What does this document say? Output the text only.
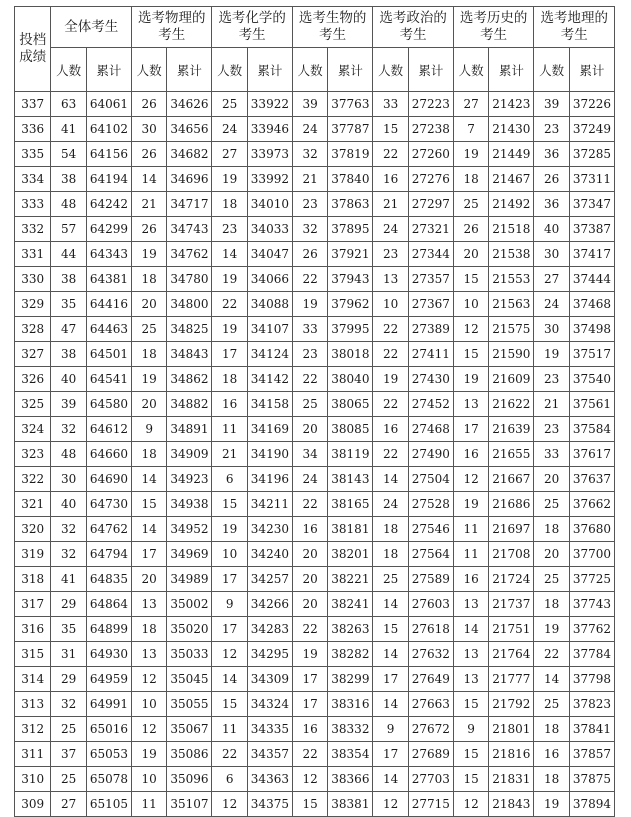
投档成绩	全体考生		选考物理的考生		选考化学的考生		选考生物的考生		选考政治的考生		选考历史的 考生		选考地理的考生	
	人数	累计	人数	累计	人数	累计	人数	累计	人数	累计	人数	累计	人数	累计
337	63	64061	26	34626	25	33922	39	37763	33	27223	27	21423	39	37226
336	41	64102	30	34656	24	33946	24	37787	15	27238	7	21430	23	37249
335	54	64156	26	34682	27	33973	32	37819	22	27260	19	21449	36	37285
334	38	64194	14	34696	19	33992	21	37840	16	27276	18	21467	26	37311
333	48	64242	21	34717	18	34010	23	37863	21	27297	25	21492	36	37347
332	57	64299	26	34743	23	34033	32	37895	24	27321	26	21518	40	37387
331	44	64343	19	34762	14	34047	26	37921	23	27344	20	21538	30	37417
330	38	64381	18	34780	19	34066	22	37943	13	27357	15	21553	27	37444
329	35	64416	20	34800	22	34088	19	37962	10	27367	10	21563	24	37468
328	47	64463	25	34825	19	34107	33	37995	22	27389	12	21575	30	37498
327	38	64501	18	34843	17	34124	23	38018	22	27411	15	21590	19	37517
326	40	64541	19	34862	18	34142	22	38040	19	27430	19	21609	23	37540
325	39	64580	20	34882	16	34158	25	38065	22	27452	13	21622	21	37561
324	32	64612	9	34891	11	34169	20	38085	16	27468	17	21639	23	37584
323	48	64660	18	34909	21	34190	34	38119	22	27490	16	21655	33	37617
322	30	64690	14	34923	6	34196	24	38143	14	27504	12	21667	20	37637
321	40	64730	15	34938	15	34211	22	38165	24	27528	19	21686	25	37662
320	32	64762	14	34952	19	34230	16	38181	18	27546	11	21697	18	37680
319	32	64794	17	34969	10	34240	20	38201	18	27564	11	21708	20	37700
318	41	64835	20	34989	17	34257	20	38221	25	27589	16	21724	25	37725
317	29	64864	13	35002	9	34266	20	38241	14	27603	13	21737	18	37743
316	35	64899	18	35020	17	34283	22	38263	15	27618	14	21751	19	37762
315	31	64930	13	35033	12	34295	19	38282	14	27632	13	21764	22	37784
314	29	64959	12	35045	14	34309	17	38299	17	27649	13	21777	14	37798
313	32	64991	10	35055	15	34324	17	38316	14	27663	15	21792	25	37823
312	25	65016	12	35067	11	34335	16	38332	9	27672	9	21801	18	37841
311	37	65053	19	35086	22	34357	22	38354	17	27689	15	21816	16	37857
310	25	65078	10	35096	6	34363	12	38366	14	27703	15	21831	18	37875
309	27	65105	11	35107	12	34375	15	38381	12	27715	12	21843	19	37894
